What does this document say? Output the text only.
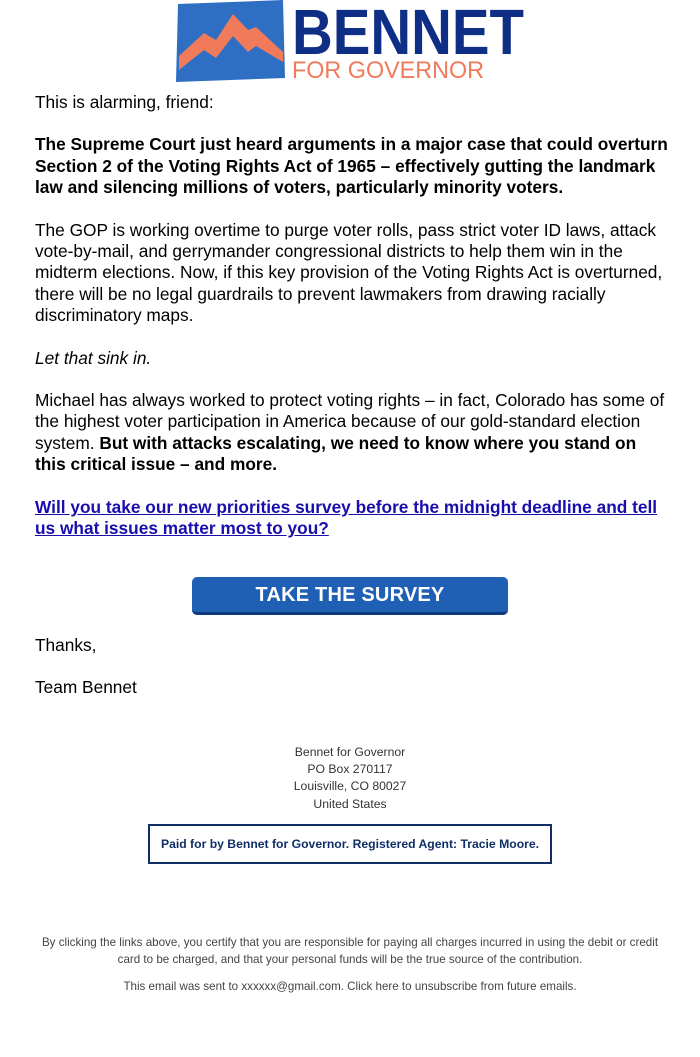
BENNET
FOR GOVERNOR

This is alarming, friend:

The Supreme Court just heard arguments in a major case that could overturn Section 2 of the Voting Rights Act of 1965 – effectively gutting the landmark law and silencing millions of voters, particularly minority voters.

The GOP is working overtime to purge voter rolls, pass strict voter ID laws, attack vote-by-mail, and gerrymander congressional districts to help them win in the midterm elections. Now, if this key provision of the Voting Rights Act is overturned, there will be no legal guardrails to prevent lawmakers from drawing racially discriminatory maps.

Let that sink in.

Michael has always worked to protect voting rights – in fact, Colorado has some of the highest voter participation in America because of our gold-standard election system. But with attacks escalating, we need to know where you stand on this critical issue – and more.

Will you take our new priorities survey before the midnight deadline and tell us what issues matter most to you?

TAKE THE SURVEY
Thanks,
Team Bennet
Bennet for Governor
PO Box 270117
Louisville, CO 80027
United States
Paid for by Bennet for Governor. Registered Agent: Tracie Moore.
By clicking the links above, you certify that you are responsible for paying all charges incurred in using the debit or credit card to be charged, and that your personal funds will be the true source of the contribution.
This email was sent to xxxxxx@gmail.com. Click here to unsubscribe from future emails.
